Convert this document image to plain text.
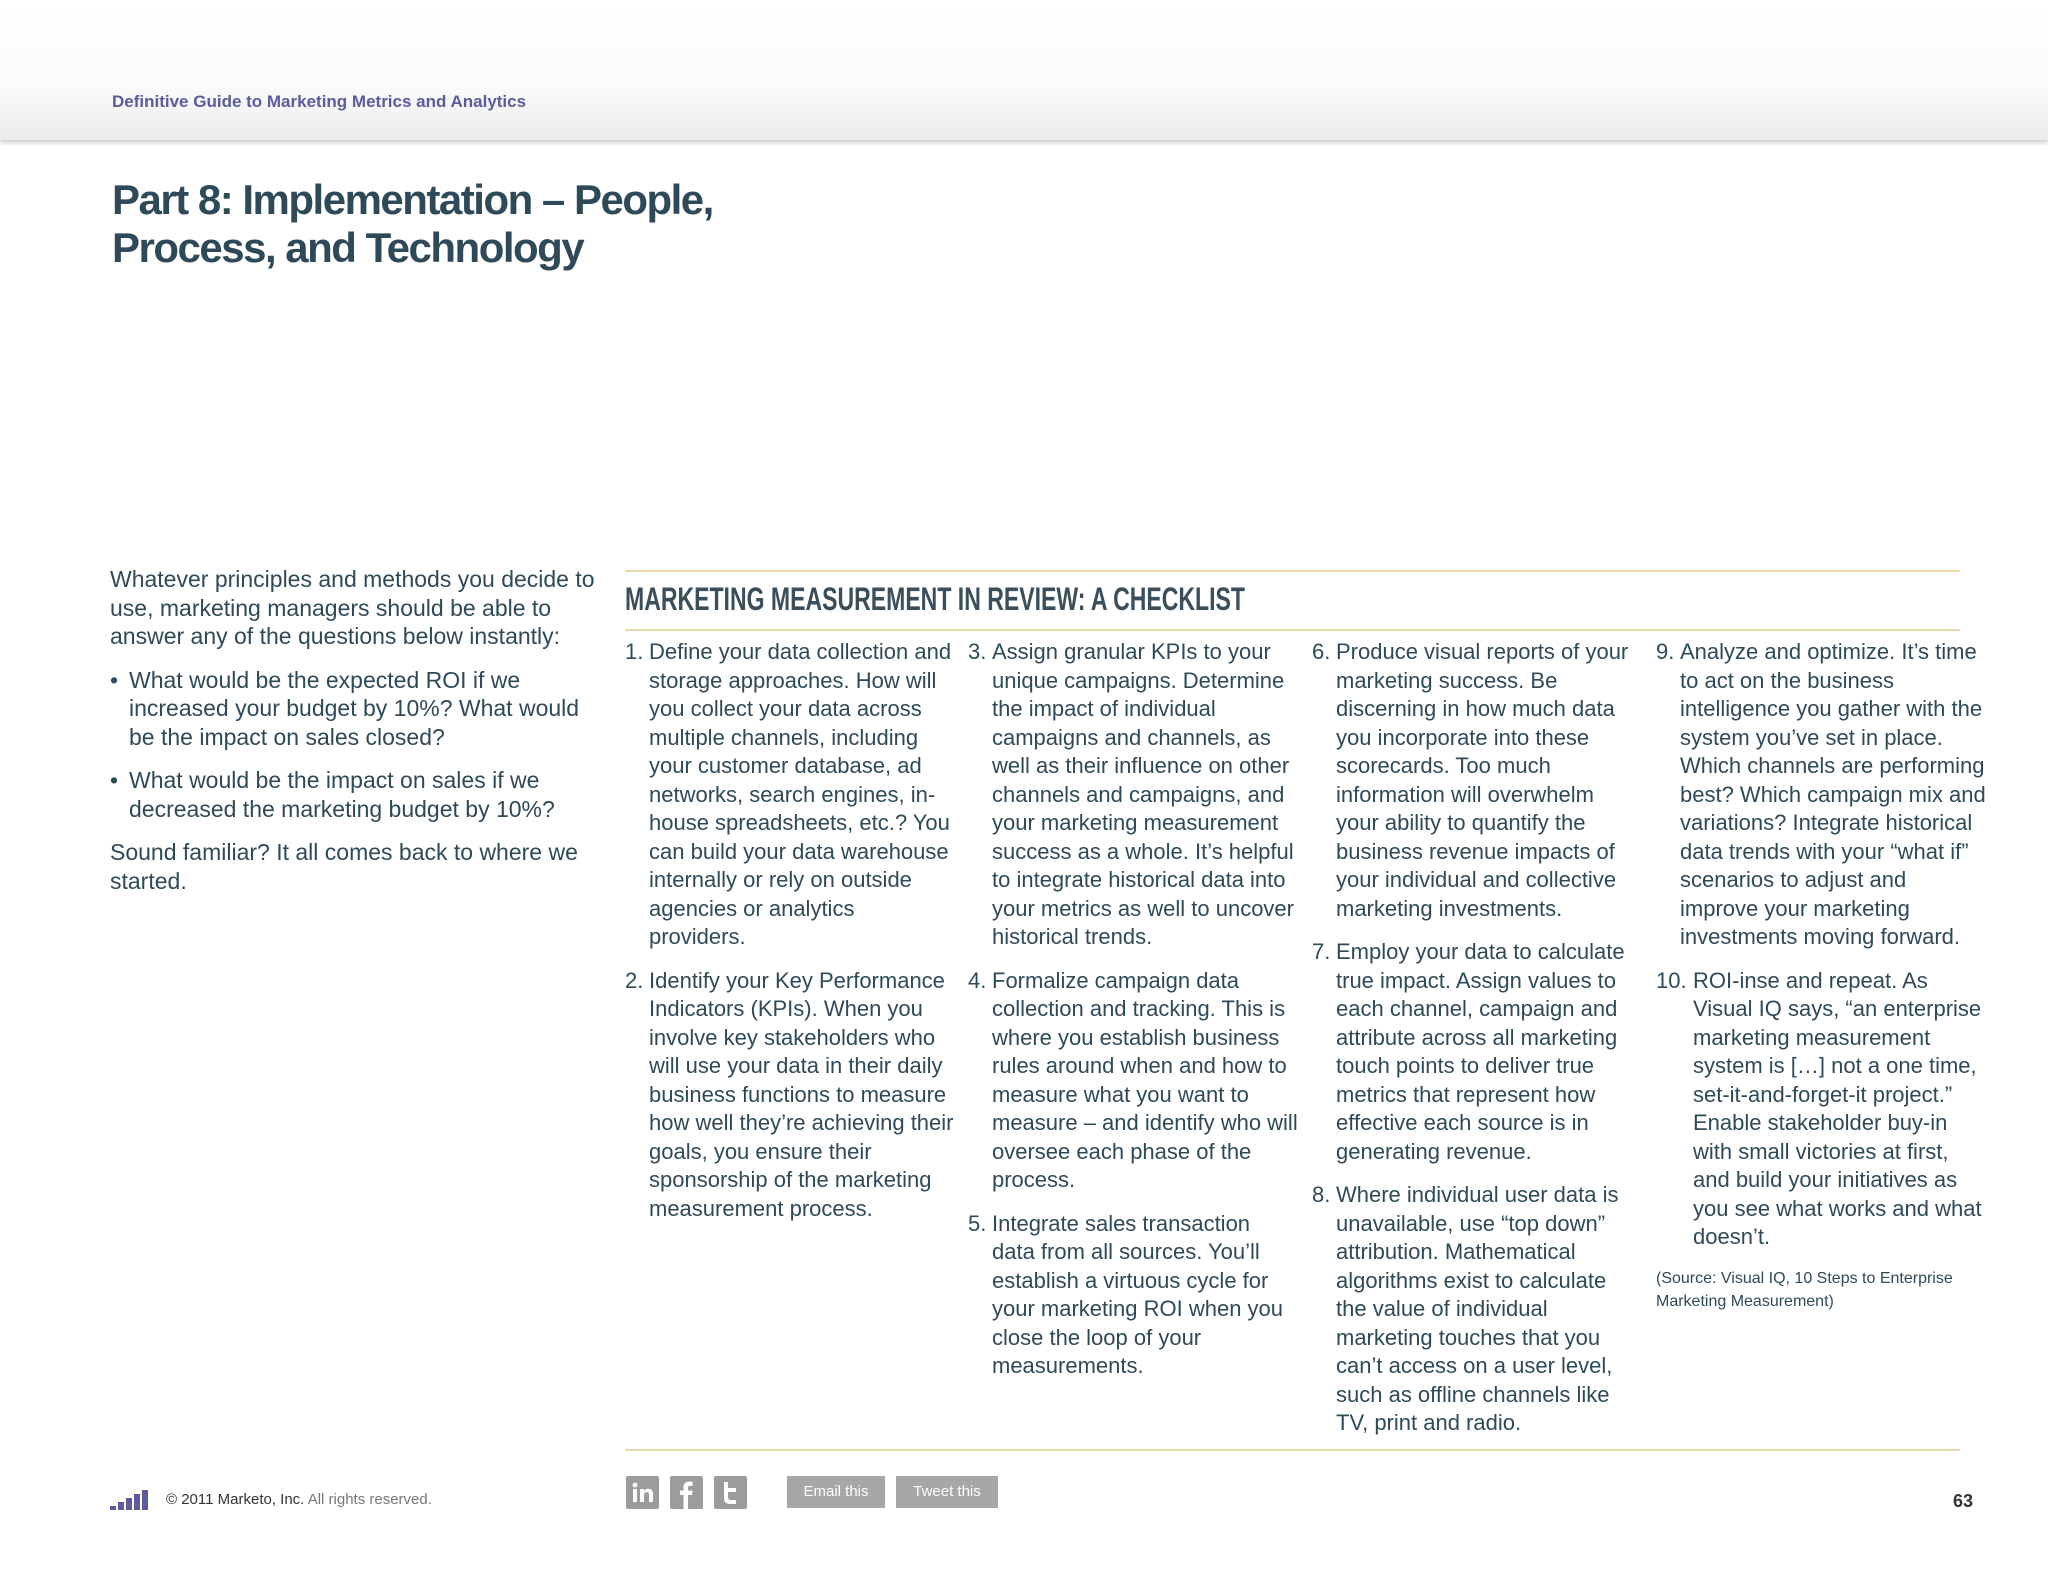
Definitive Guide to Marketing Metrics and Analytics
Part 8: Implementation – People,
Process, and Technology

Whatever principles and methods you decide to use, marketing managers should be able to answer any of the questions below instantly:

• What would be the expected ROI if we increased your budget by 10%? What would be the impact on sales closed?
• What would be the impact on sales if we decreased the marketing budget by 10%?

Sound familiar? It all comes back to where we started.

MARKETING MEASUREMENT IN REVIEW: A CHECKLIST
1. Define your data collection and storage approaches. How will you collect your data across multiple channels, including your customer database, ad networks, search engines, in-house spreadsheets, etc.? You can build your data warehouse internally or rely on outside agencies or analytics providers.
2. Identify your Key Performance Indicators (KPIs). When you involve key stakeholders who will use your data in their daily business functions to measure how well they’re achieving their goals, you ensure their sponsorship of the marketing measurement process.
3. Assign granular KPIs to your unique campaigns. Determine the impact of individual campaigns and channels, as well as their influence on other channels and campaigns, and your marketing measurement success as a whole. It’s helpful to integrate historical data into your metrics as well to uncover historical trends.
4. Formalize campaign data collection and tracking. This is where you establish business rules around when and how to measure what you want to measure – and identify who will oversee each phase of the process.
5. Integrate sales transaction data from all sources. You’ll establish a virtuous cycle for your marketing ROI when you close the loop of your measurements.
6. Produce visual reports of your marketing success. Be discerning in how much data you incorporate into these scorecards. Too much information will overwhelm your ability to quantify the business revenue impacts of your individual and collective marketing investments.
7. Employ your data to calculate true impact. Assign values to each channel, campaign and attribute across all marketing touch points to deliver true metrics that represent how effective each source is in generating revenue.
8. Where individual user data is unavailable, use “top down” attribution. Mathematical algorithms exist to calculate the value of individual marketing touches that you can’t access on a user level, such as offline channels like TV, print and radio.
9. Analyze and optimize. It’s time to act on the business intelligence you gather with the system you’ve set in place. Which channels are performing best? Which campaign mix and variations? Integrate historical data trends with your “what if” scenarios to adjust and improve your marketing investments moving forward.
10. ROI-inse and repeat. As Visual IQ says, “an enterprise marketing measurement system is […] not a one time, set-it-and-forget-it project.” Enable stakeholder buy-in with small victories at first, and build your initiatives as you see what works and what doesn’t.
(Source: Visual IQ, 10 Steps to Enterprise Marketing Measurement)
© 2011 Marketo, Inc. All rights reserved.	Email this	Tweet this	63
